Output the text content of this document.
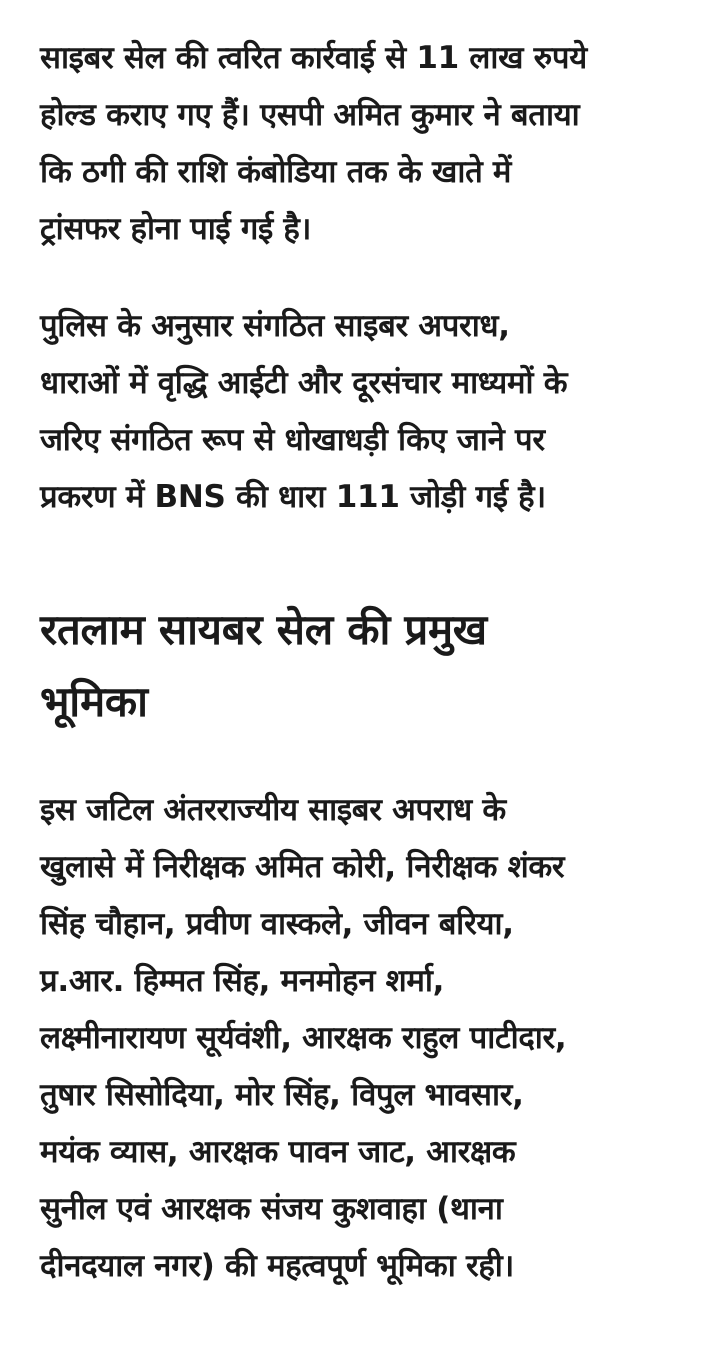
साइबर सेल की त्वरित कार्रवाई से 11 लाख रुपये
होल्ड कराए गए हैं। एसपी अमित कुमार ने बताया
कि ठगी की राशि कंबोडिया तक के खाते में
ट्रांसफर होना पाई गई है।

पुलिस के अनुसार संगठित साइबर अपराध,
धाराओं में वृद्धि आईटी और दूरसंचार माध्यमों के
जरिए संगठित रूप से धोखाधड़ी किए जाने पर
प्रकरण में BNS की धारा 111 जोड़ी गई है।

रतलाम सायबर सेल की प्रमुख
भूमिका

इस जटिल अंतरराज्यीय साइबर अपराध के
खुलासे में निरीक्षक अमित कोरी, निरीक्षक शंकर
सिंह चौहान, प्रवीण वास्कले, जीवन बरिया,
प्र.आर. हिम्मत सिंह, मनमोहन शर्मा,
लक्ष्मीनारायण सूर्यवंशी, आरक्षक राहुल पाटीदार,
तुषार सिसोदिया, मोर सिंह, विपुल भावसार,
मयंक व्यास, आरक्षक पावन जाट, आरक्षक
सुनील एवं आरक्षक संजय कुशवाहा (थाना
दीनदयाल नगर) की महत्वपूर्ण भूमिका रही।
